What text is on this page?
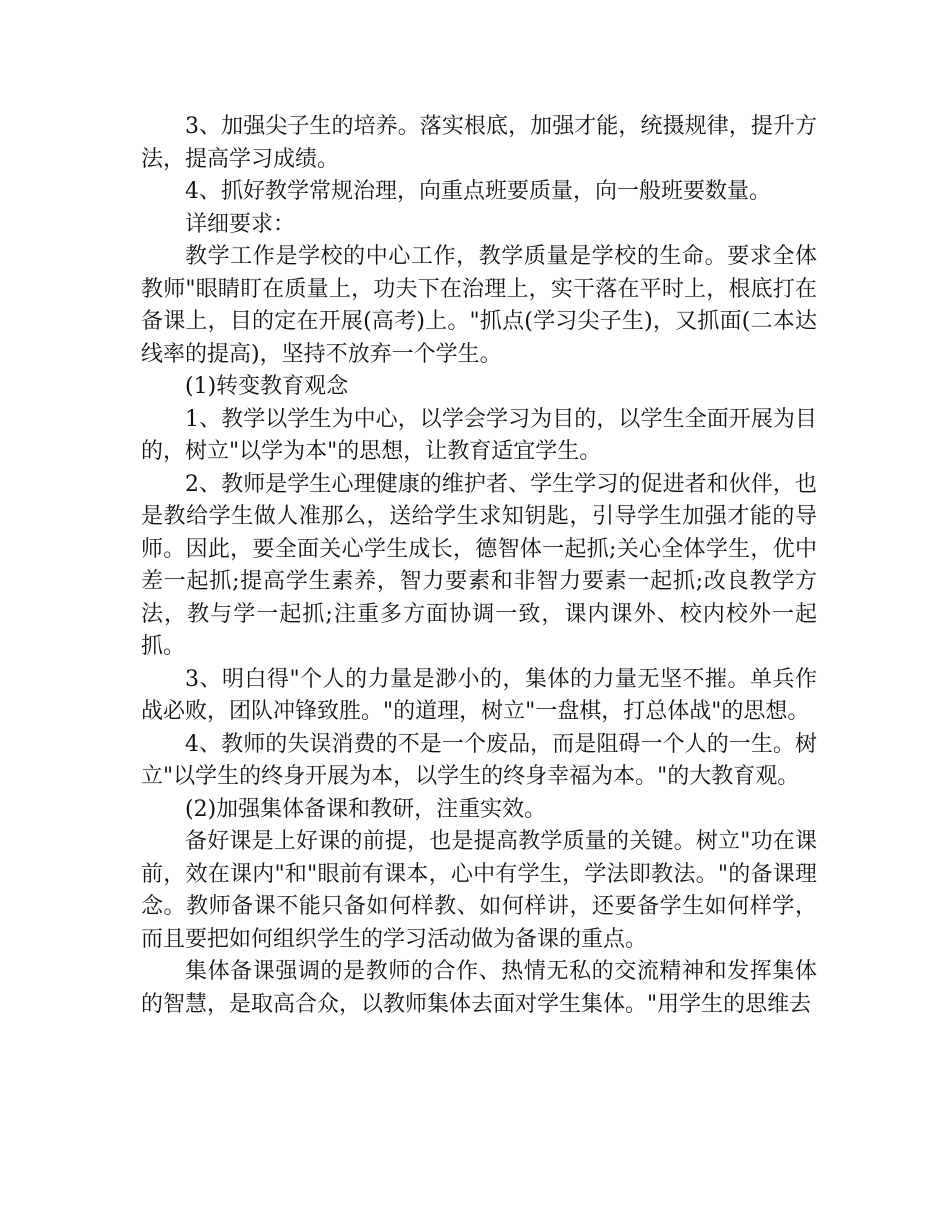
3、加强尖子生的培养。落实根底，加强才能，统摄规律，提升方法，提高学习成绩。

4、抓好教学常规治理，向重点班要质量，向一般班要数量。

详细要求：

教学工作是学校的中心工作，教学质量是学校的生命。要求全体教师"眼睛盯在质量上，功夫下在治理上，实干落在平时上，根底打在备课上，目的定在开展(高考)上。"抓点(学习尖子生)，又抓面(二本达线率的提高)，坚持不放弃一个学生。

(1)转变教育观念

1、教学以学生为中心，以学会学习为目的，以学生全面开展为目的，树立"以学为本"的思想，让教育适宜学生。

2、教师是学生心理健康的维护者、学生学习的促进者和伙伴，也是教给学生做人准那么，送给学生求知钥匙，引导学生加强才能的导师。因此，要全面关心学生成长，德智体一起抓;关心全体学生，优中差一起抓;提高学生素养，智力要素和非智力要素一起抓;改良教学方法，教与学一起抓;注重多方面协调一致，课内课外、校内校外一起抓。

3、明白得"个人的力量是渺小的，集体的力量无坚不摧。单兵作战必败，团队冲锋致胜。"的道理，树立"一盘棋，打总体战"的思想。

4、教师的失误消费的不是一个废品，而是阻碍一个人的一生。树立"以学生的终身开展为本，以学生的终身幸福为本。"的大教育观。

(2)加强集体备课和教研，注重实效。

备好课是上好课的前提，也是提高教学质量的关键。树立"功在课前，效在课内"和"眼前有课本，心中有学生，学法即教法。"的备课理念。教师备课不能只备如何样教、如何样讲，还要备学生如何样学，而且要把如何组织学生的学习活动做为备课的重点。

集体备课强调的是教师的合作、热情无私的交流精神和发挥集体的智慧，是取高合众，以教师集体去面对学生集体。"用学生的思维去
